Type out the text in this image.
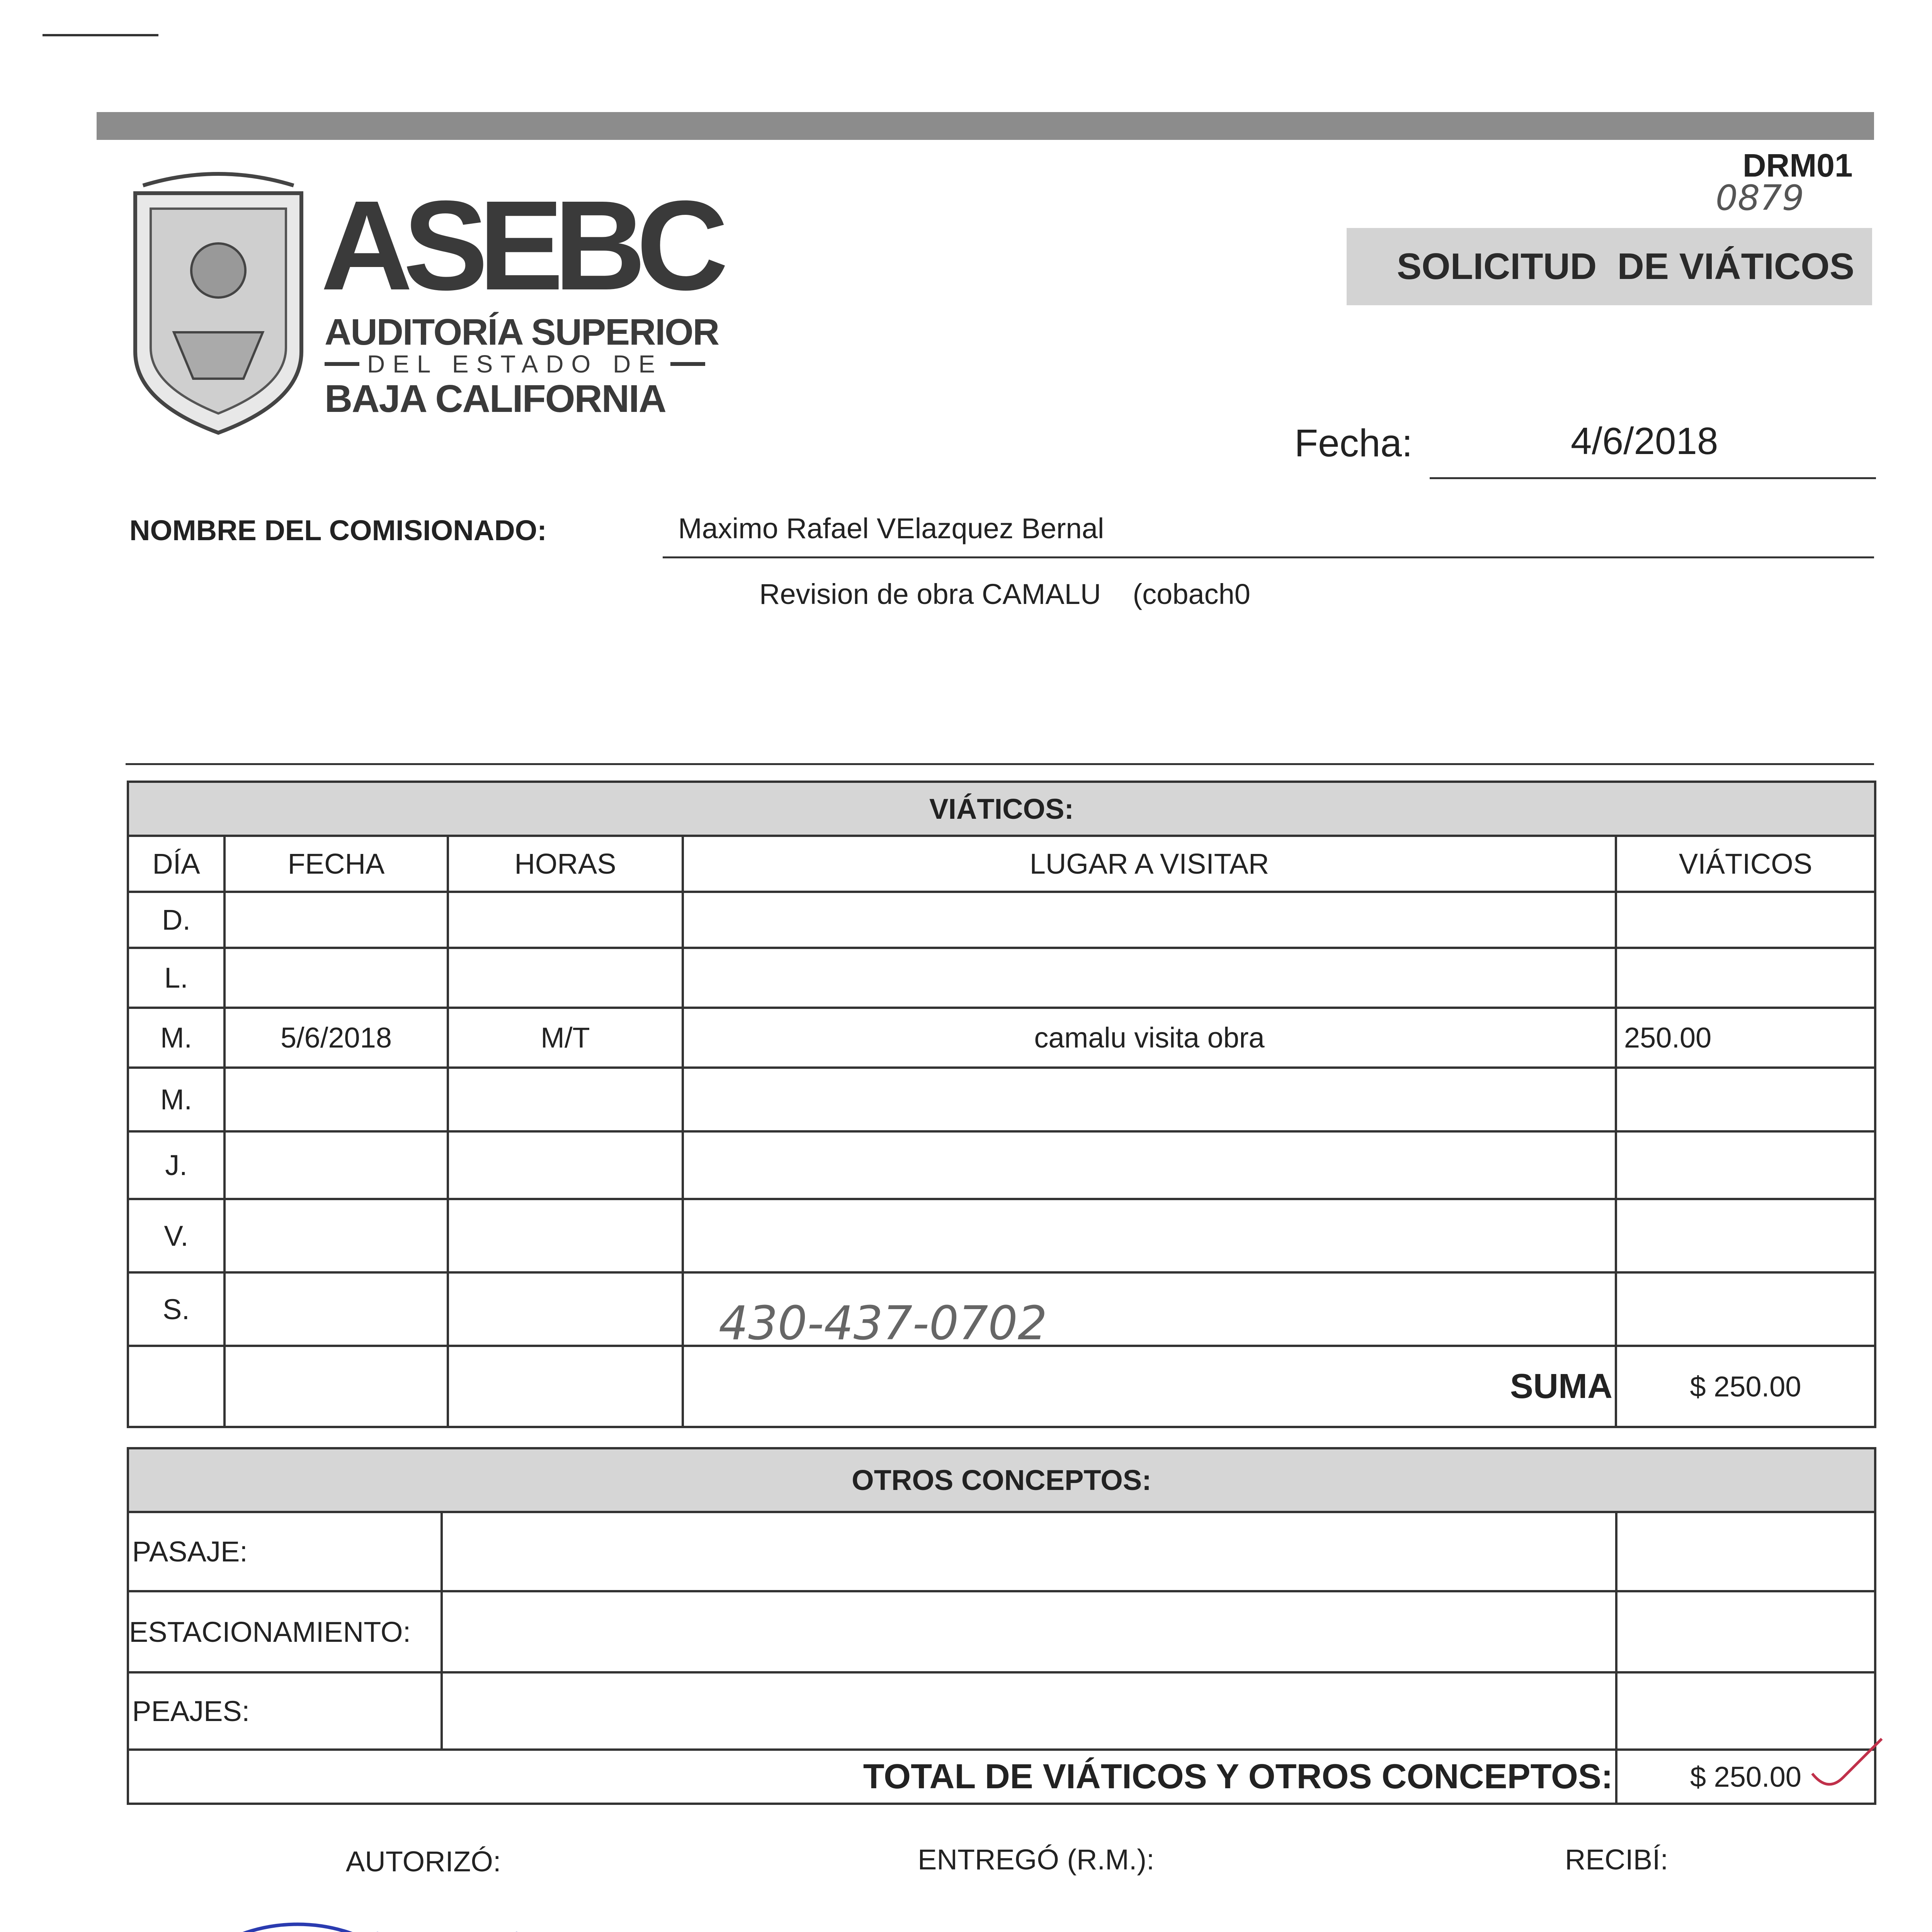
ASEBC
AUDITORÍA SUPERIOR
DEL ESTADO DE
BAJA CALIFORNIA
DRM01
0879
SOLICITUD  DE VIÁTICOS
Fecha:	4/6/2018
NOMBRE DEL COMISIONADO:	Maximo Rafael VElazquez Bernal
Revision de obra CAMALU    (cobach0
VIÁTICOS:				
DÍA	FECHA	HORAS	LUGAR A VISITAR	VIÁTICOS
D.				
L.				
M.	5/6/2018	M/T	camalu visita obra	250.00
M.				
J.				
V.				
S.			430-437-0702	

			SUMA	$ 250.00
OTROS CONCEPTOS:		
PASAJE:		
ESTACIONAMIENTO:		
PEAJES:		
TOTAL DE VIÁTICOS Y OTROS CONCEPTOS:		$ 250.00
AUTORIZÓ:	ENTREGÓ (R.M.):	RECIBÍ:
